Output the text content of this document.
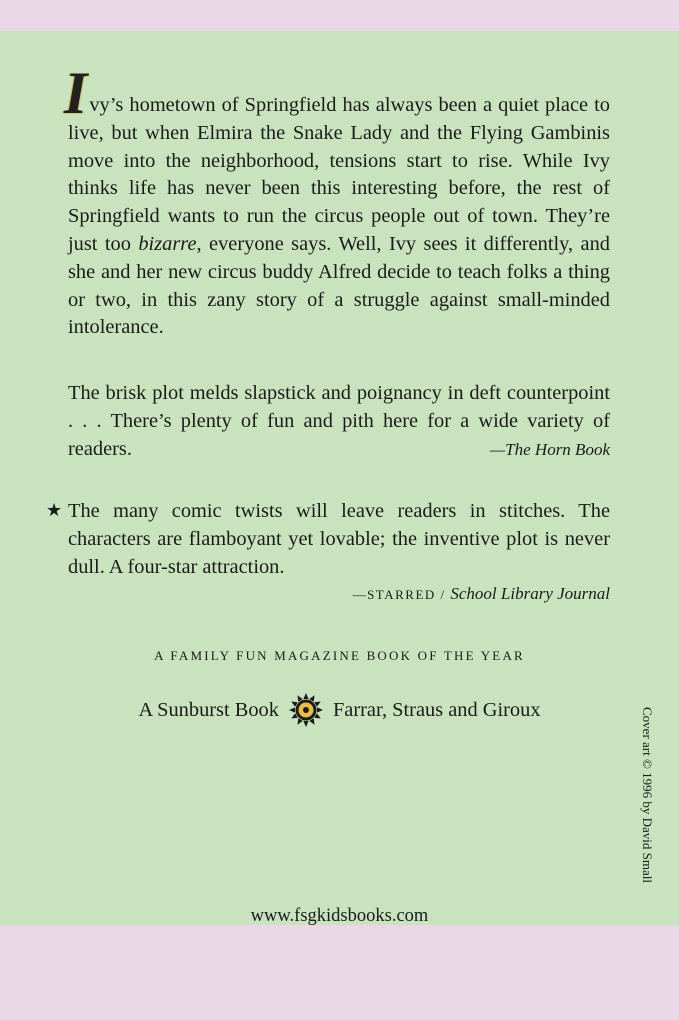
Ivy’s hometown of Springfield has always been a quiet place to live, but when Elmira the Snake Lady and the Flying Gambinis move into the neighborhood, tensions start to rise. While Ivy thinks life has never been this interesting before, the rest of Springfield wants to run the circus people out of town. They’re just too bizarre, everyone says. Well, Ivy sees it differently, and she and her new circus buddy Alfred decide to teach folks a thing or two, in this zany story of a struggle against small-minded intolerance.

The brisk plot melds slapstick and poignancy in deft counterpoint . . . There’s plenty of fun and pith here for a wide variety of readers.	—The Horn Book
★ The many comic twists will leave readers in stitches. The characters are flamboyant yet lovable; the inventive plot is never dull. A four-star attraction.

—STARRED / School Library Journal
A FAMILY FUN MAGAZINE BOOK OF THE YEAR
A Sunburst Book	Farrar, Straus and Giroux	Cover art © 1996 by David Small
www.fsgkidsbooks.com
